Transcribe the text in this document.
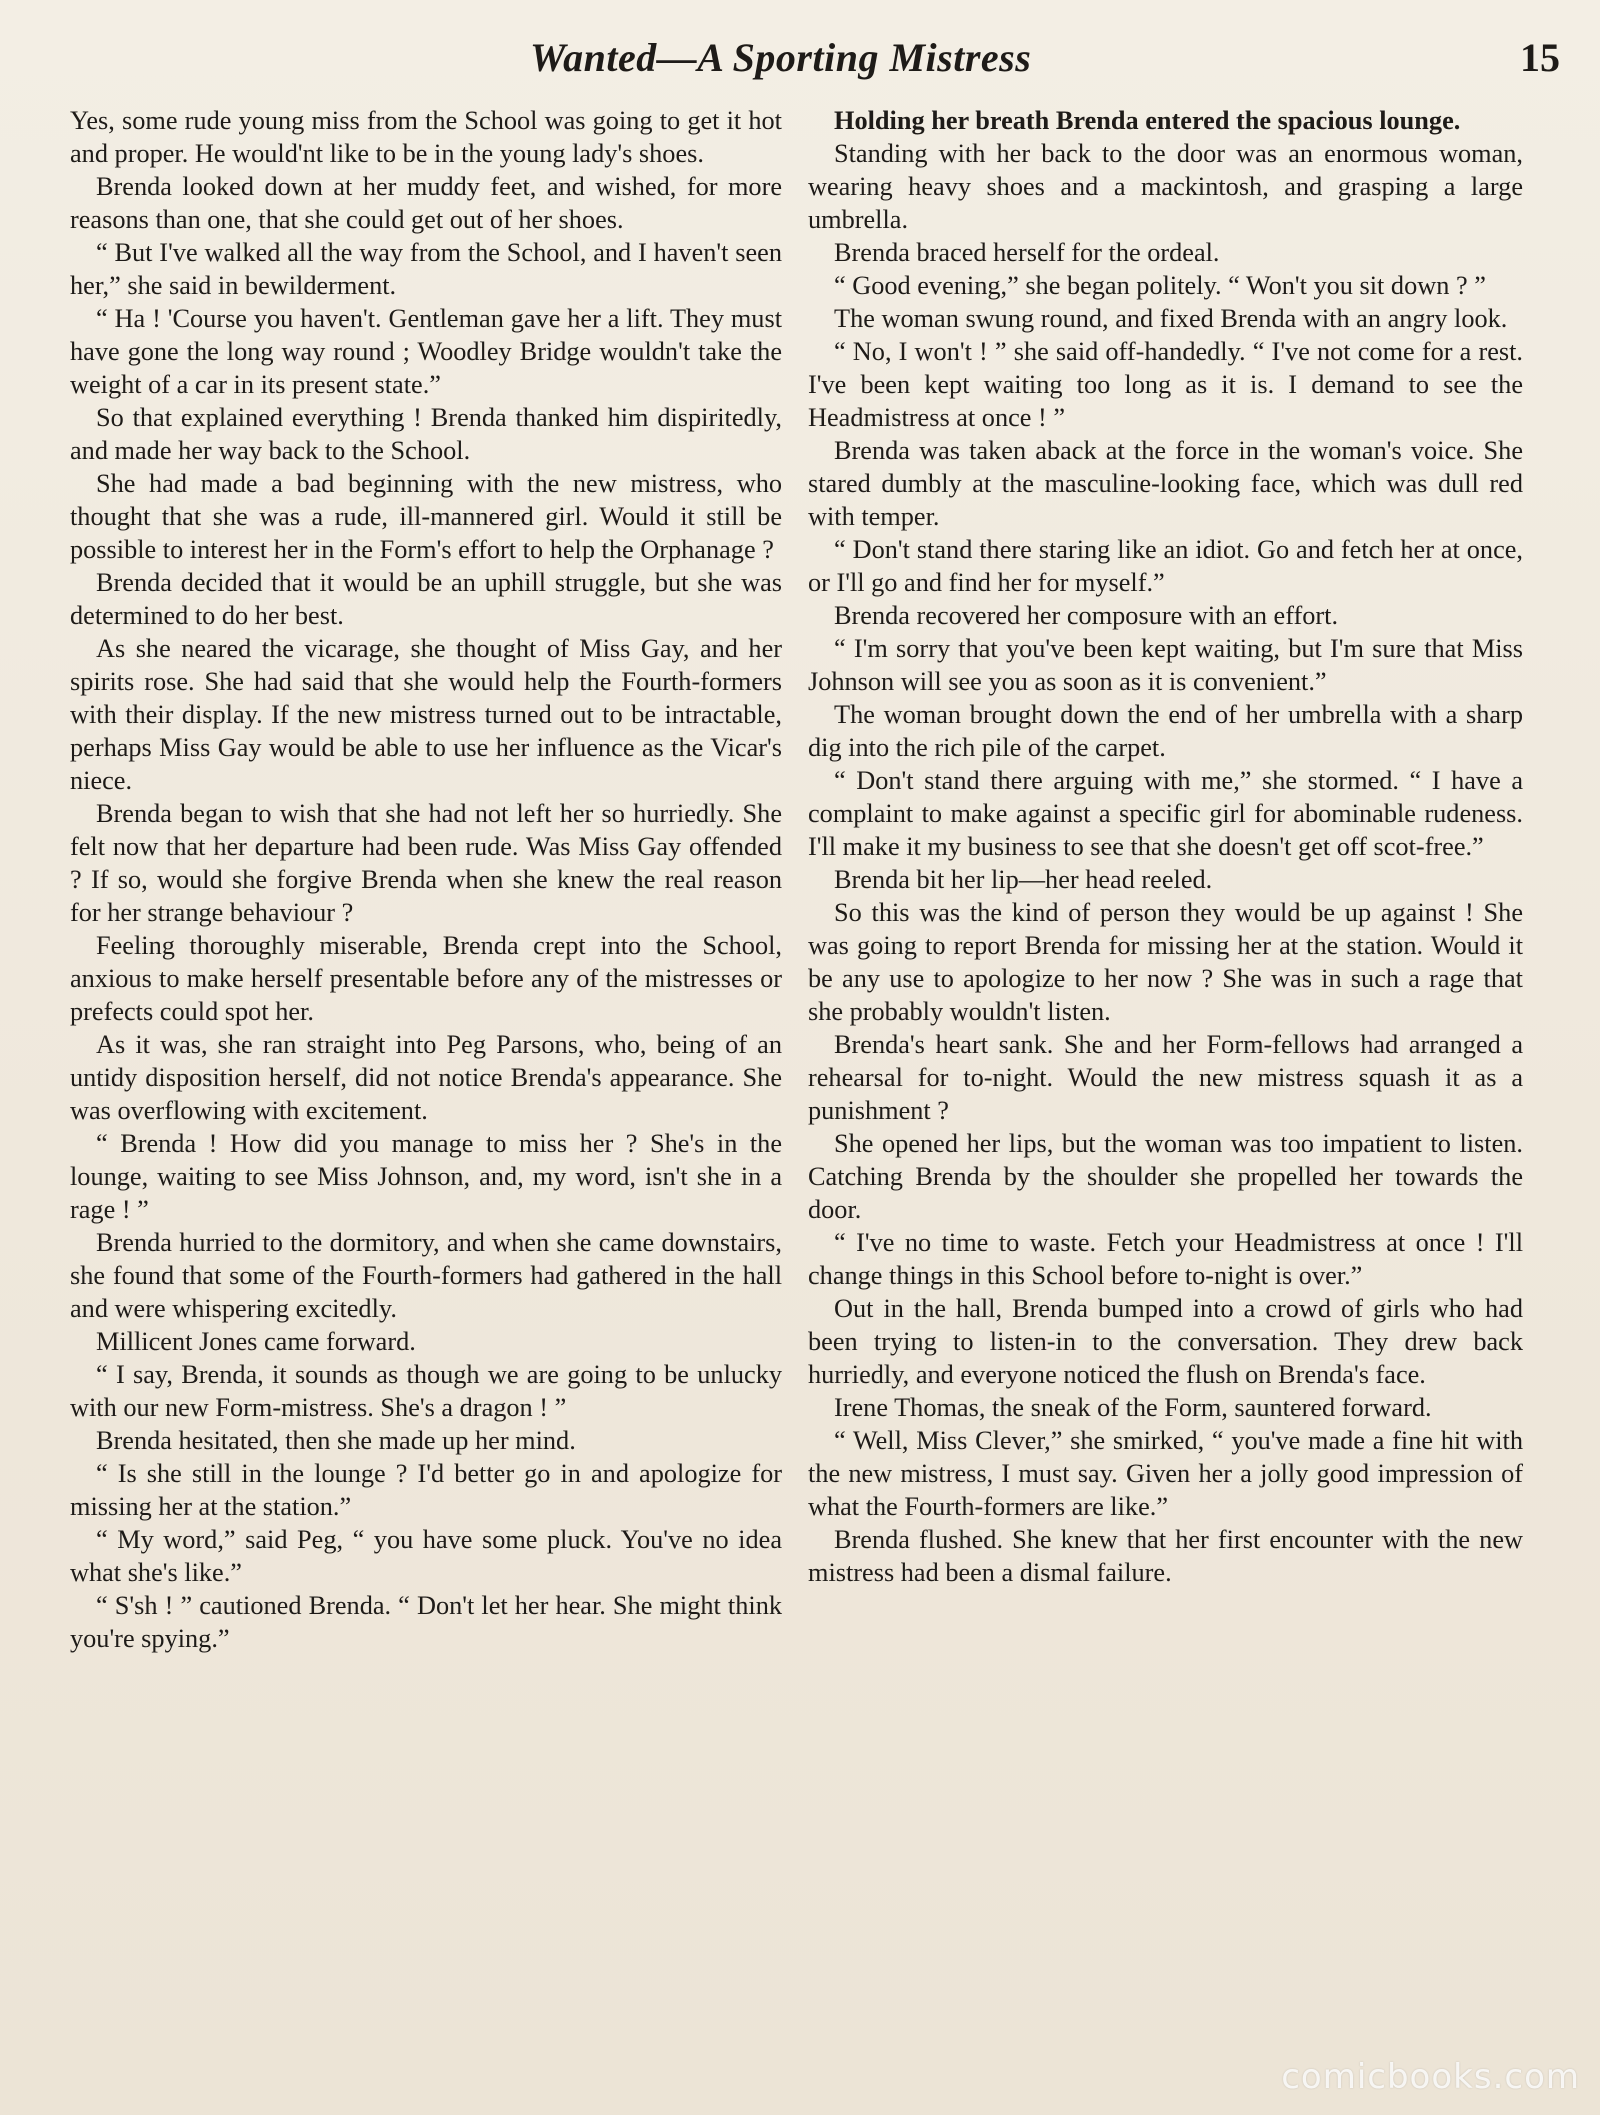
Wanted—A Sporting Mistress	15

Yes, some rude young miss from the School was going to get it hot and proper. He would'nt like to be in the young lady's shoes.

Brenda looked down at her muddy feet, and wished, for more reasons than one, that she could get out of her shoes.

“ But I've walked all the way from the School, and I haven't seen her,” she said in bewilderment.

“ Ha ! 'Course you haven't. Gentleman gave her a lift. They must have gone the long way round ; Woodley Bridge wouldn't take the weight of a car in its present state.”

So that explained everything ! Brenda thanked him dispiritedly, and made her way back to the School.

She had made a bad beginning with the new mistress, who thought that she was a rude, ill-mannered girl. Would it still be possible to interest her in the Form's effort to help the Orphanage ?

Brenda decided that it would be an uphill struggle, but she was determined to do her best.

As she neared the vicarage, she thought of Miss Gay, and her spirits rose. She had said that she would help the Fourth-formers with their display. If the new mistress turned out to be intractable, perhaps Miss Gay would be able to use her influence as the Vicar's niece.

Brenda began to wish that she had not left her so hurriedly. She felt now that her departure had been rude. Was Miss Gay offended ? If so, would she forgive Brenda when she knew the real reason for her strange behaviour ?

Feeling thoroughly miserable, Brenda crept into the School, anxious to make herself presentable before any of the mistresses or prefects could spot her.

As it was, she ran straight into Peg Parsons, who, being of an untidy disposition herself, did not notice Brenda's appearance. She was overflowing with excitement.

“ Brenda ! How did you manage to miss her ? She's in the lounge, waiting to see Miss Johnson, and, my word, isn't she in a rage ! ”

Brenda hurried to the dormitory, and when she came downstairs, she found that some of the Fourth-formers had gathered in the hall and were whispering excitedly.

Millicent Jones came forward.

“ I say, Brenda, it sounds as though we are going to be unlucky with our new Form-mistress. She's a dragon ! ”

Brenda hesitated, then she made up her mind.

“ Is she still in the lounge ? I'd better go in and apologize for missing her at the station.”

“ My word,” said Peg, “ you have some pluck. You've no idea what she's like.”

“ S'sh ! ” cautioned Brenda. “ Don't let her hear. She might think you're spying.”

Holding her breath Brenda entered the spacious lounge.

Standing with her back to the door was an enormous woman, wearing heavy shoes and a mackintosh, and grasping a large umbrella.

Brenda braced herself for the ordeal.

“ Good evening,” she began politely. “ Won't you sit down ? ”

The woman swung round, and fixed Brenda with an angry look.

“ No, I won't ! ” she said off-handedly. “ I've not come for a rest. I've been kept waiting too long as it is. I demand to see the Headmistress at once ! ”

Brenda was taken aback at the force in the woman's voice. She stared dumbly at the masculine-looking face, which was dull red with temper.

“ Don't stand there staring like an idiot. Go and fetch her at once, or I'll go and find her for myself.”

Brenda recovered her composure with an effort.

“ I'm sorry that you've been kept waiting, but I'm sure that Miss Johnson will see you as soon as it is convenient.”

The woman brought down the end of her umbrella with a sharp dig into the rich pile of the carpet.

“ Don't stand there arguing with me,” she stormed. “ I have a complaint to make against a specific girl for abominable rudeness. I'll make it my business to see that she doesn't get off scot-free.”

Brenda bit her lip—her head reeled.

So this was the kind of person they would be up against ! She was going to report Brenda for missing her at the station. Would it be any use to apologize to her now ? She was in such a rage that she probably wouldn't listen.

Brenda's heart sank. She and her Form-fellows had arranged a rehearsal for to-night. Would the new mistress squash it as a punishment ?

She opened her lips, but the woman was too impatient to listen. Catching Brenda by the shoulder she propelled her towards the door.

“ I've no time to waste. Fetch your Headmistress at once ! I'll change things in this School before to-night is over.”

Out in the hall, Brenda bumped into a crowd of girls who had been trying to listen-in to the conversation. They drew back hurriedly, and everyone noticed the flush on Brenda's face.

Irene Thomas, the sneak of the Form, sauntered forward.

“ Well, Miss Clever,” she smirked, “ you've made a fine hit with the new mistress, I must say. Given her a jolly good impression of what the Fourth-formers are like.”

Brenda flushed. She knew that her first encounter with the new mistress had been a dismal failure.

comicbooks.com
